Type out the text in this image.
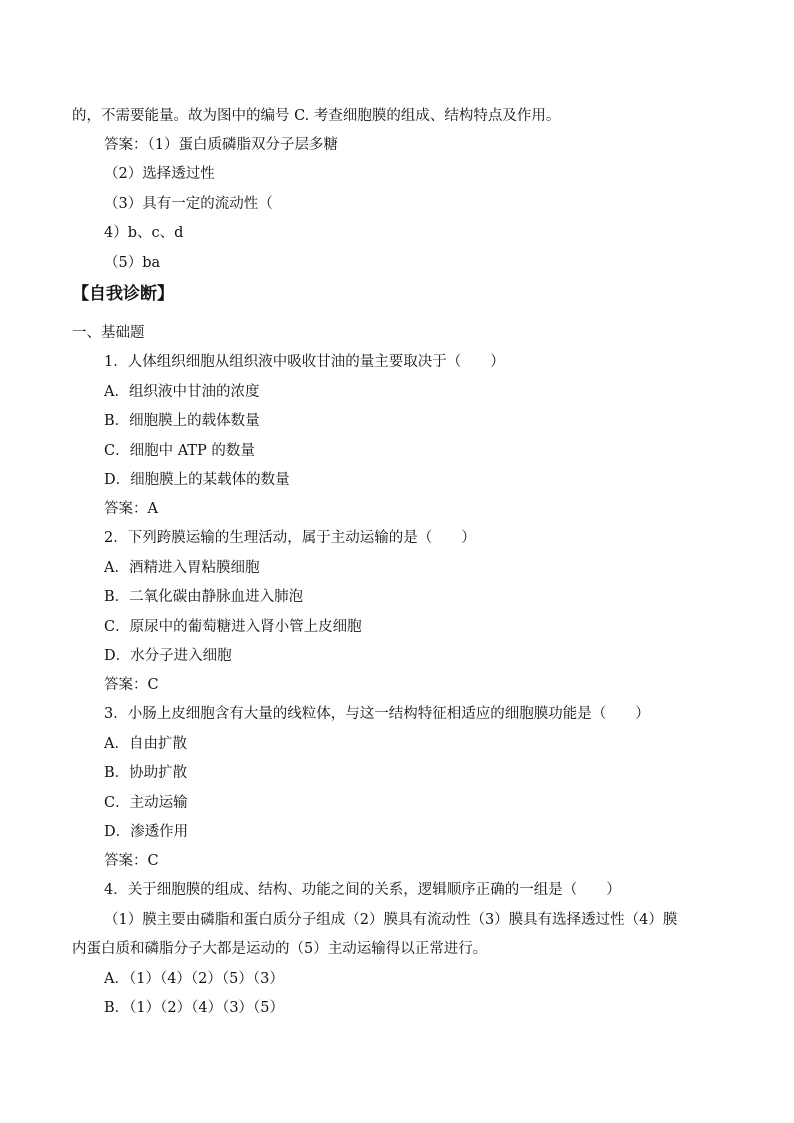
的，不需要能量。故为图中的编号 C. 考查细胞膜的组成、结构特点及作用。
答案：（1）蛋白质磷脂双分子层多糖
（2）选择透过性
（3）具有一定的流动性（
4）b、c、d
（5）ba
【自我诊断】
一、基础题
1．人体组织细胞从组织液中吸收甘油的量主要取决于（　　）
A．组织液中甘油的浓度
B．细胞膜上的载体数量
C．细胞中 ATP 的数量
D．细胞膜上的某载体的数量
答案：A
2．下列跨膜运输的生理活动，属于主动运输的是（　　）
A．酒精进入胃粘膜细胞
B．二氧化碳由静脉血进入肺泡
C．原尿中的葡萄糖进入肾小管上皮细胞
D．水分子进入细胞
答案：C
3．小肠上皮细胞含有大量的线粒体，与这一结构特征相适应的细胞膜功能是（　　）
A．自由扩散
B．协助扩散
C．主动运输
D．渗透作用
答案：C
4．关于细胞膜的组成、结构、功能之间的关系，逻辑顺序正确的一组是（　　）
（1）膜主要由磷脂和蛋白质分子组成（2）膜具有流动性（3）膜具有选择透过性（4）膜
内蛋白质和磷脂分子大都是运动的（5）主动运输得以正常进行。
A．（1）（4）（2）（5）（3）
B．（1）（2）（4）（3）（5）
